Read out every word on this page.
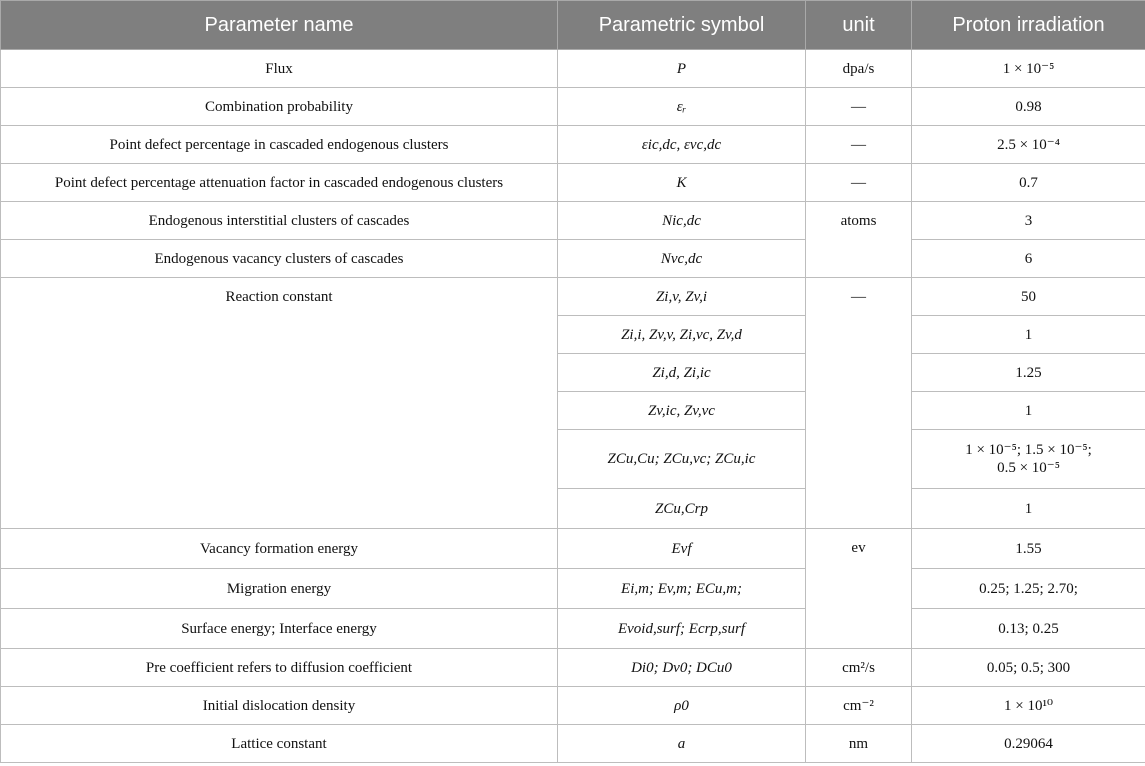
Parameter name	Parametric symbol	unit	Proton irradiation
Flux	P	dpa/s	1 × 10⁻⁵
Combination probability	εᵣ	—	0.98
Point defect percentage in cascaded endogenous clusters	εic,dc, εvc,dc	—	2.5 × 10⁻⁴
Point defect percentage attenuation factor in cascaded endogenous clusters	K	—	0.7
Endogenous interstitial clusters of cascades	Nic,dc	atoms	3
Endogenous vacancy clusters of cascades	Nvc,dc		6
Reaction constant	Zi,v, Zv,i	—	50
	Zi,i, Zv,v, Zi,vc, Zv,d		1
	Zi,d, Zi,ic		1.25
	Zv,ic, Zv,vc		1
	ZCu,Cu; ZCu,vc; ZCu,ic		1 × 10⁻⁵; 1.5 × 10⁻⁵;
0.5 × 10⁻⁵
	ZCu,Crp		1
Vacancy formation energy	Evf	ev	1.55
Migration energy	Ei,m; Ev,m; ECu,m;		0.25; 1.25; 2.70;
Surface energy; Interface energy	Evoid,surf; Ecrp,surf		0.13; 0.25
Pre coefficient refers to diffusion coefficient	Di0; Dv0; DCu0	cm²/s	0.05; 0.5; 300
Initial dislocation density	ρ0	cm⁻²	1 × 10¹⁰
Lattice constant	a	nm	0.29064
